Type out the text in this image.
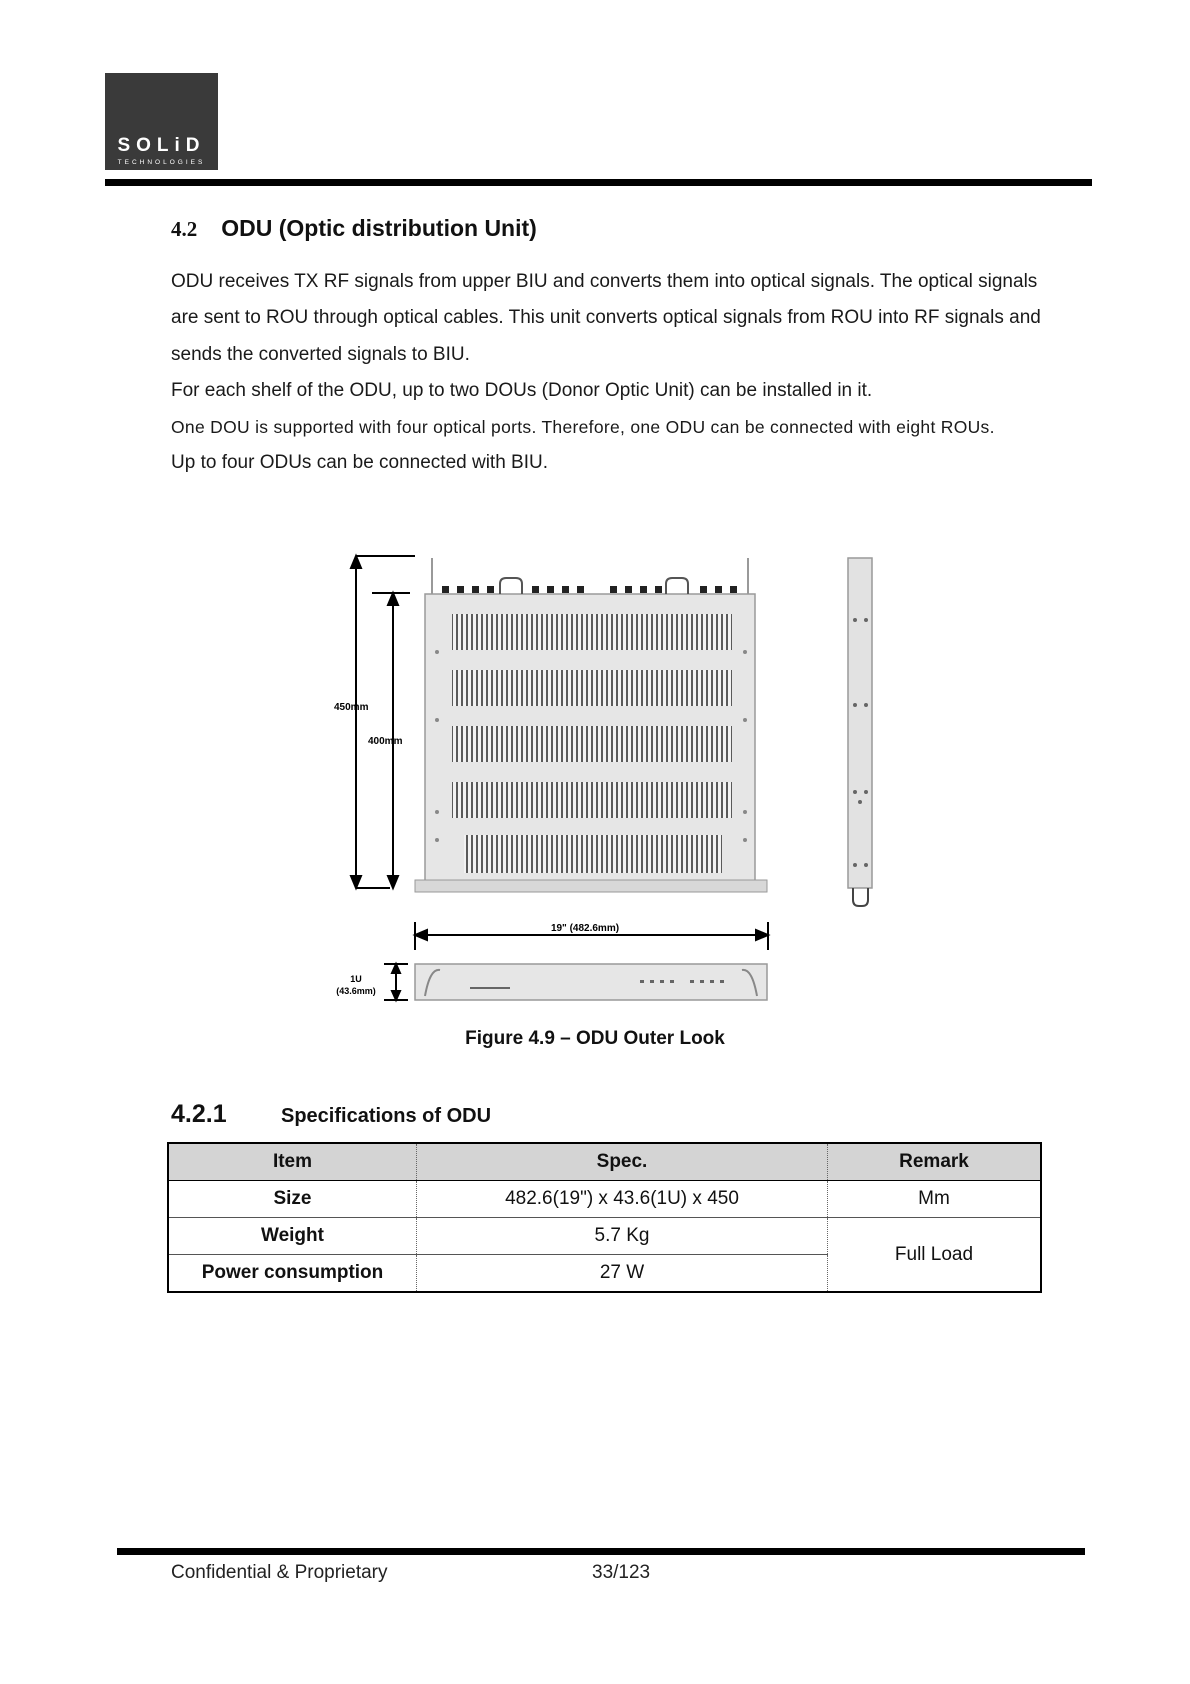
SOLiD
TECHNOLOGIES
4.2 ODU (Optic distribution Unit)

ODU receives TX RF signals from upper BIU and converts them into optical signals. The optical signals are sent to ROU through optical cables. This unit converts optical signals from ROU into RF signals and sends the converted signals to BIU.

For each shelf of the ODU, up to two DOUs (Donor Optic Unit) can be installed in it.

One DOU is supported with four optical ports. Therefore, one ODU can be connected with eight ROUs.

Up to four ODUs can be connected with BIU.

450mm
400mm
19" (482.6mm)
1U
(43.6mm)
Figure 4.9 – ODU Outer Look
4.2.1	Specifications of ODU
Item	Spec.	Remark
Size	482.6(19") x 43.6(1U) x 450	Mm
Weight	5.7 Kg	Full Load
Power consumption	27 W	
Confidential & Proprietary	33/123
